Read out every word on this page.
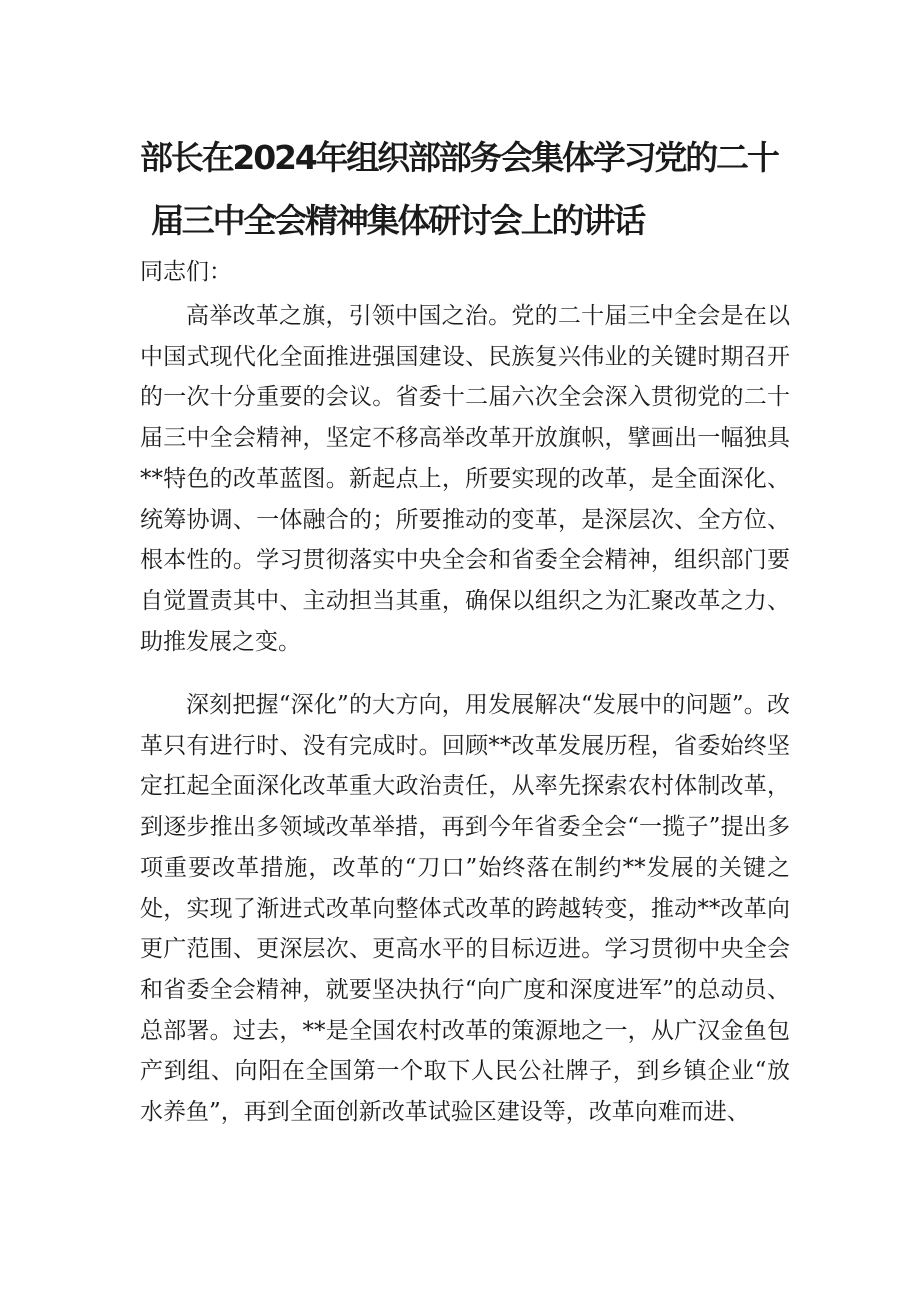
部长在2024年组织部部务会集体学习党的二十
届三中全会精神集体研讨会上的讲话

同志们：

高举改革之旗，引领中国之治。党的二十届三中全会是在以中国式现代化全面推进强国建设、民族复兴伟业的关键时期召开的一次十分重要的会议。省委十二届六次全会深入贯彻党的二十届三中全会精神，坚定不移高举改革开放旗帜，擘画出一幅独具**特色的改革蓝图。新起点上，所要实现的改革，是全面深化、统筹协调、一体融合的；所要推动的变革，是深层次、全方位、根本性的。学习贯彻落实中央全会和省委全会精神，组织部门要自觉置责其中、主动担当其重，确保以组织之为汇聚改革之力、助推发展之变。

深刻把握“深化”的大方向，用发展解决“发展中的问题”。改革只有进行时、没有完成时。回顾**改革发展历程，省委始终坚定扛起全面深化改革重大政治责任，从率先探索农村体制改革，到逐步推出多领域改革举措，再到今年省委全会“一揽子”提出多项重要改革措施，改革的“刀口”始终落在制约**发展的关键之处，实现了渐进式改革向整体式改革的跨越转变，推动**改革向更广范围、更深层次、更高水平的目标迈进。学习贯彻中央全会和省委全会精神，就要坚决执行“向广度和深度进军”的总动员、总部署。过去，**是全国农村改革的策源地之一，从广汉金鱼包产到组、向阳在全国第一个取下人民公社牌子，到乡镇企业“放水养鱼”，再到全面创新改革试验区建设等，改革向难而进、
